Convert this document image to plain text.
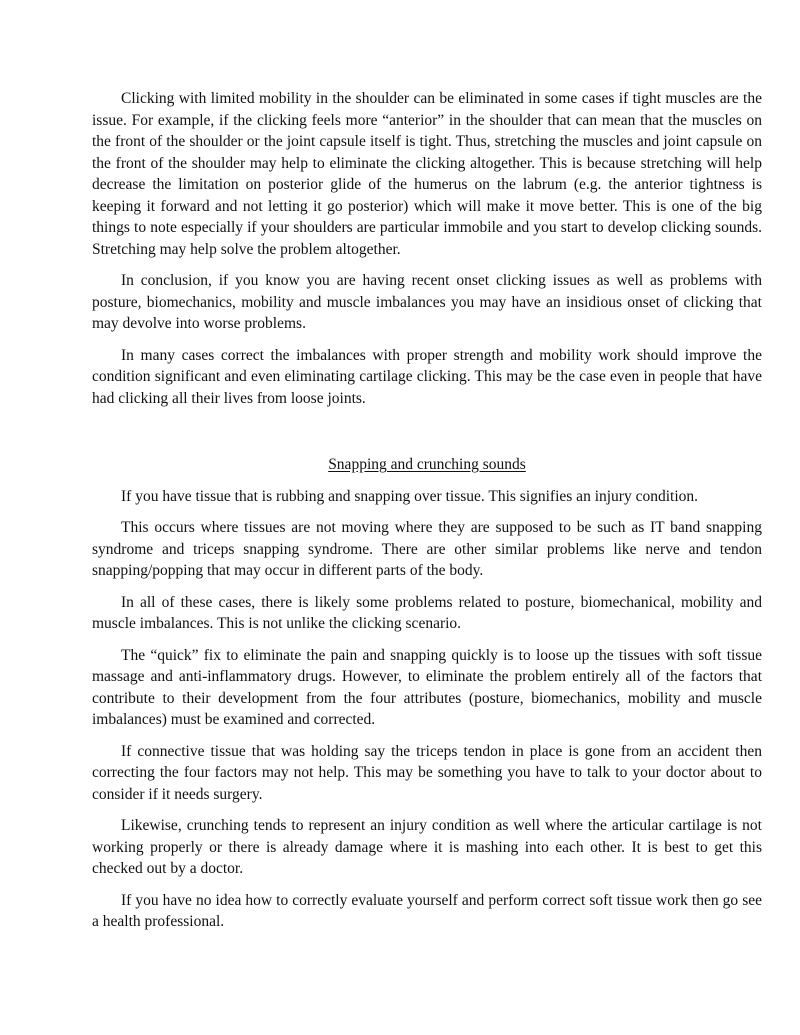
Clicking with limited mobility in the shoulder can be eliminated in some cases if tight muscles are the issue. For example, if the clicking feels more “anterior” in the shoulder that can mean that the muscles on the front of the shoulder or the joint capsule itself is tight. Thus, stretching the muscles and joint capsule on the front of the shoulder may help to eliminate the clicking altogether. This is because stretching will help decrease the limitation on posterior glide of the humerus on the labrum (e.g. the anterior tightness is keeping it forward and not letting it go posterior) which will make it move better. This is one of the big things to note especially if your shoulders are particular immobile and you start to develop clicking sounds. Stretching may help solve the problem altogether.

In conclusion, if you know you are having recent onset clicking issues as well as problems with posture, biomechanics, mobility and muscle imbalances you may have an insidious onset of clicking that may devolve into worse problems.

In many cases correct the imbalances with proper strength and mobility work should improve the condition significant and even eliminating cartilage clicking. This may be the case even in people that have had clicking all their lives from loose joints.

Snapping and crunching sounds

If you have tissue that is rubbing and snapping over tissue. This signifies an injury condition.

This occurs where tissues are not moving where they are supposed to be such as IT band snapping syndrome and triceps snapping syndrome. There are other similar problems like nerve and tendon snapping/popping that may occur in different parts of the body.

In all of these cases, there is likely some problems related to posture, biomechanical, mobility and muscle imbalances. This is not unlike the clicking scenario.

The “quick” fix to eliminate the pain and snapping quickly is to loose up the tissues with soft tissue massage and anti-inflammatory drugs. However, to eliminate the problem entirely all of the factors that contribute to their development from the four attributes (posture, biomechanics, mobility and muscle imbalances) must be examined and corrected.

If connective tissue that was holding say the triceps tendon in place is gone from an accident then correcting the four factors may not help. This may be something you have to talk to your doctor about to consider if it needs surgery.

Likewise, crunching tends to represent an injury condition as well where the articular cartilage is not working properly or there is already damage where it is mashing into each other. It is best to get this checked out by a doctor.

If you have no idea how to correctly evaluate yourself and perform correct soft tissue work then go see a health professional.
